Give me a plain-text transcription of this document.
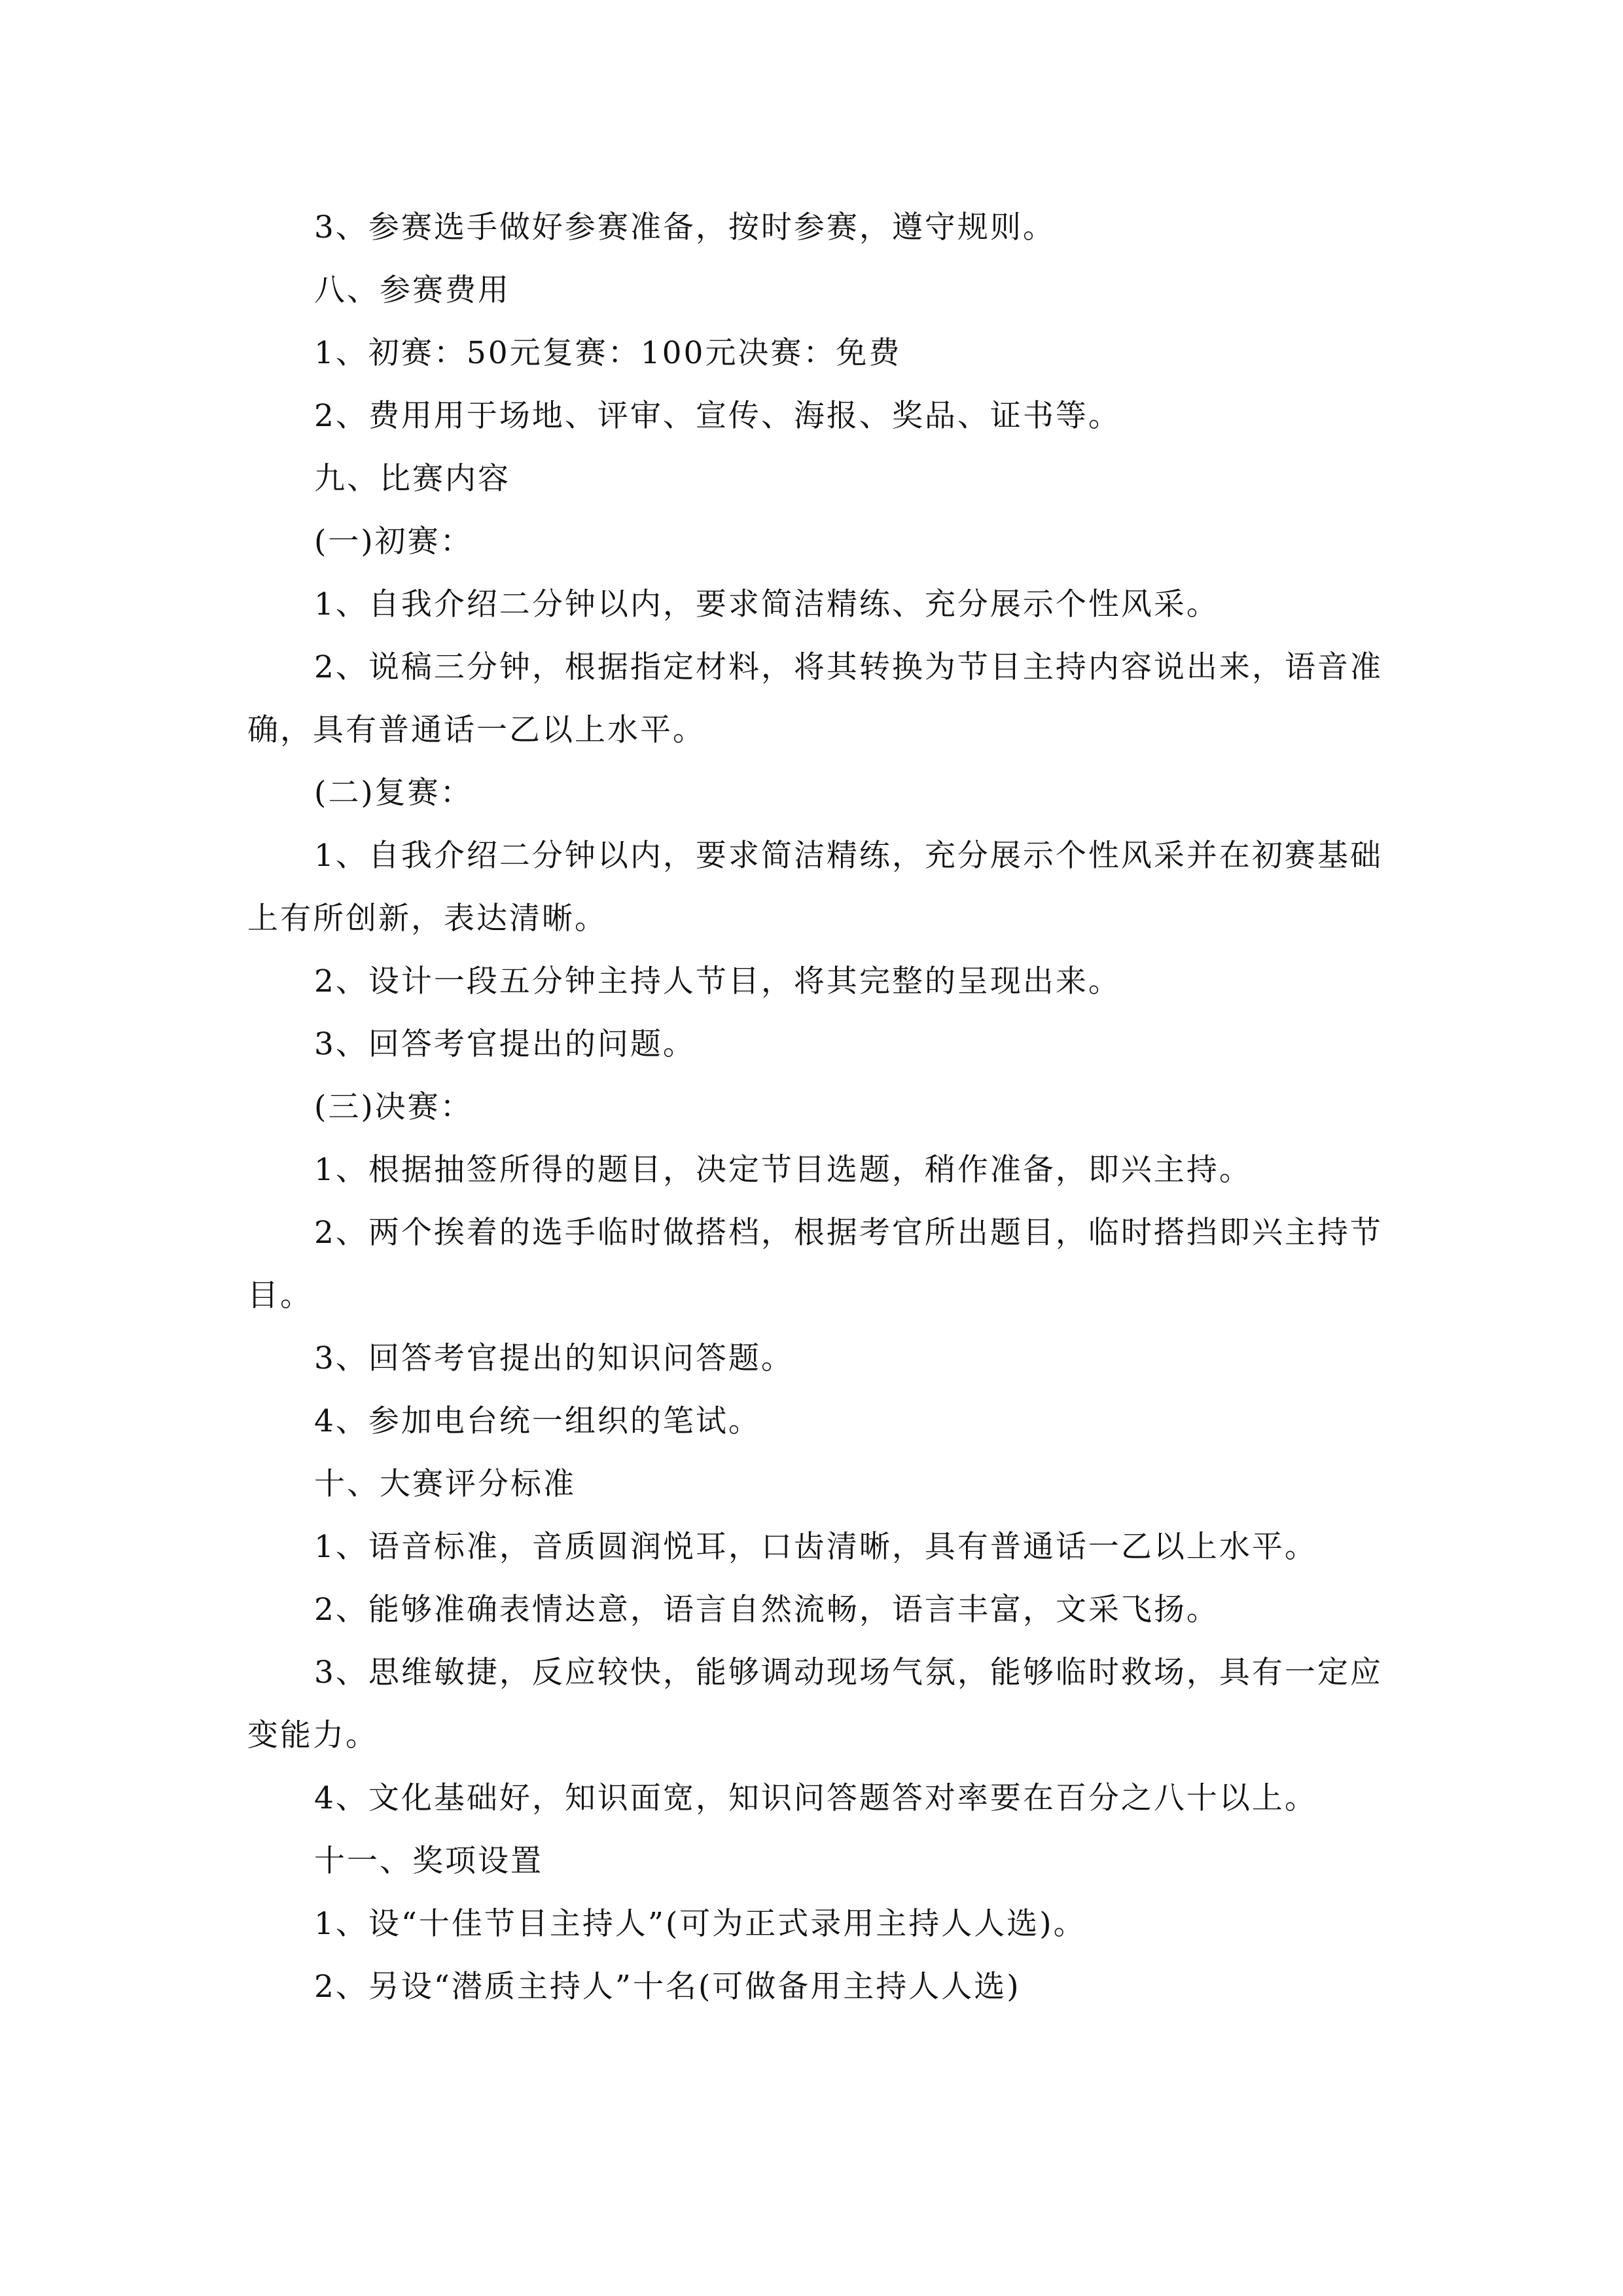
3、参赛选手做好参赛准备，按时参赛，遵守规则。

八、参赛费用

1、初赛：50元复赛：100元决赛：免费

2、费用用于场地、评审、宣传、海报、奖品、证书等。

九、比赛内容

(一)初赛：

1、自我介绍二分钟以内，要求简洁精练、充分展示个性风采。

2、说稿三分钟，根据指定材料，将其转换为节目主持内容说出来，语音准确，具有普通话一乙以上水平。

(二)复赛：

1、自我介绍二分钟以内，要求简洁精练，充分展示个性风采并在初赛基础上有所创新，表达清晰。

2、设计一段五分钟主持人节目，将其完整的呈现出来。

3、回答考官提出的问题。

(三)决赛：

1、根据抽签所得的题目，决定节目选题，稍作准备，即兴主持。

2、两个挨着的选手临时做搭档，根据考官所出题目，临时搭挡即兴主持节目。

3、回答考官提出的知识问答题。

4、参加电台统一组织的笔试。

十、大赛评分标准

1、语音标准，音质圆润悦耳，口齿清晰，具有普通话一乙以上水平。

2、能够准确表情达意，语言自然流畅，语言丰富，文采飞扬。

3、思维敏捷，反应较快，能够调动现场气氛，能够临时救场，具有一定应变能力。

4、文化基础好，知识面宽，知识问答题答对率要在百分之八十以上。

十一、奖项设置

1、设“十佳节目主持人”(可为正式录用主持人人选)。

2、另设“潜质主持人”十名(可做备用主持人人选)
